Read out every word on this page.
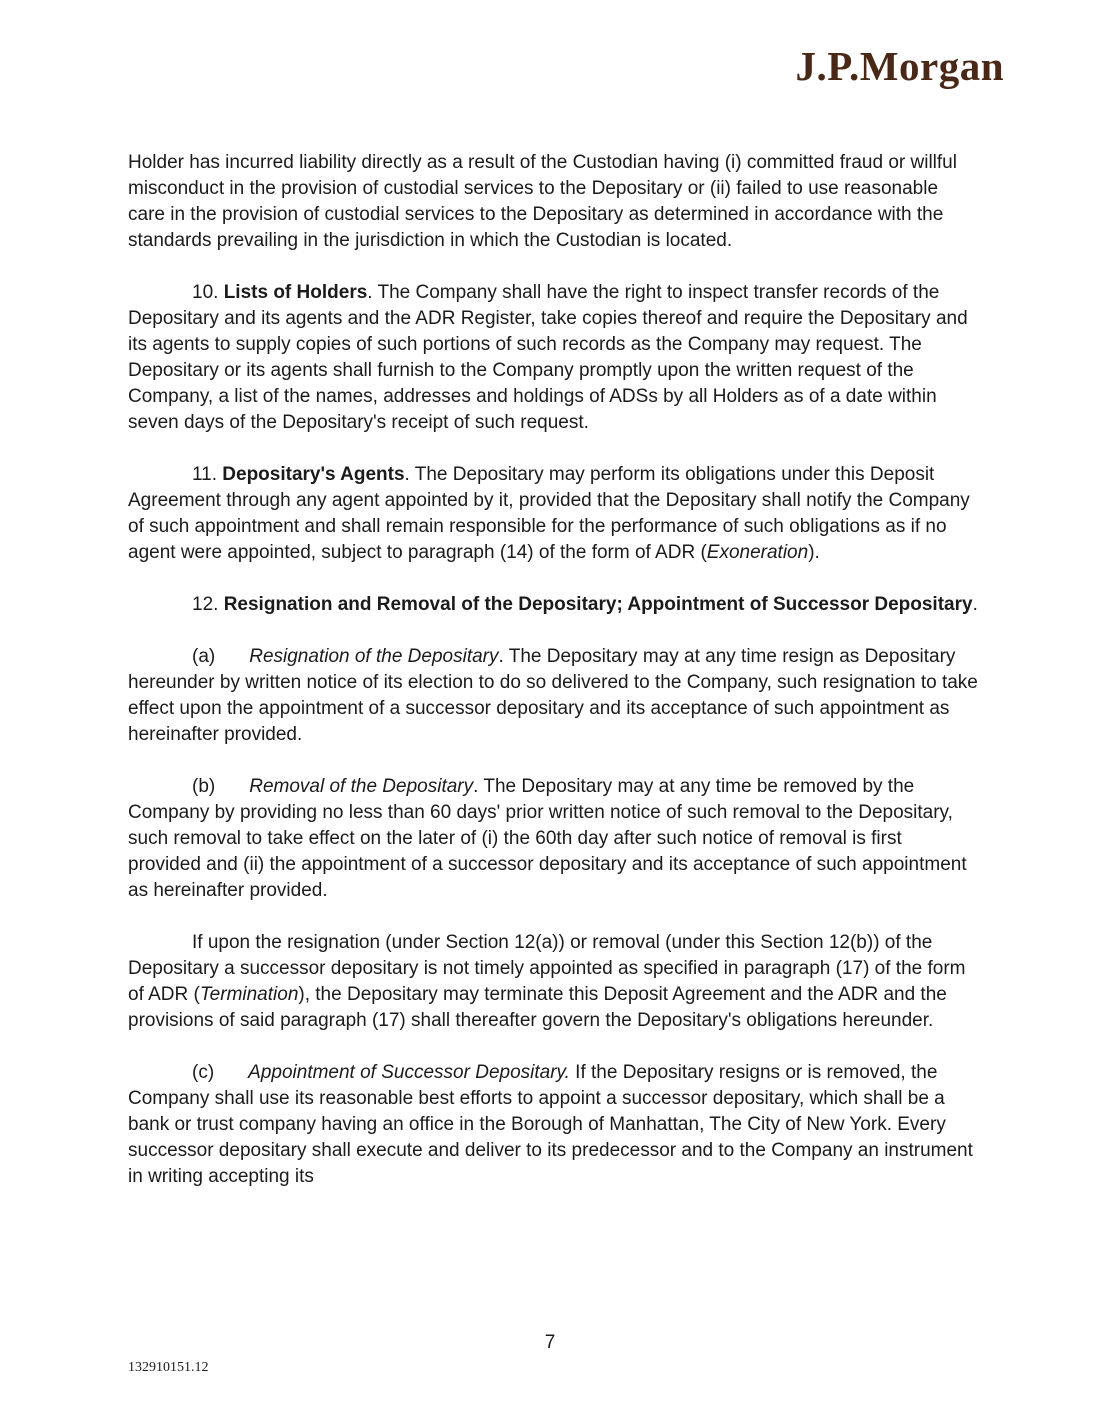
J.P.Morgan

Holder has incurred liability directly as a result of the Custodian having (i) committed fraud or willful misconduct in the provision of custodial services to the Depositary or (ii) failed to use reasonable care in the provision of custodial services to the Depositary as determined in accordance with the standards prevailing in the jurisdiction in which the Custodian is located.

10. Lists of Holders. The Company shall have the right to inspect transfer records of the Depositary and its agents and the ADR Register, take copies thereof and require the Depositary and its agents to supply copies of such portions of such records as the Company may request. The Depositary or its agents shall furnish to the Company promptly upon the written request of the Company, a list of the names, addresses and holdings of ADSs by all Holders as of a date within seven days of the Depositary's receipt of such request.

11. Depositary's Agents. The Depositary may perform its obligations under this Deposit Agreement through any agent appointed by it, provided that the Depositary shall notify the Company of such appointment and shall remain responsible for the performance of such obligations as if no agent were appointed, subject to paragraph (14) of the form of ADR (Exoneration).

12. Resignation and Removal of the Depositary; Appointment of Successor Depositary.

(a) Resignation of the Depositary. The Depositary may at any time resign as Depositary hereunder by written notice of its election to do so delivered to the Company, such resignation to take effect upon the appointment of a successor depositary and its acceptance of such appointment as hereinafter provided.

(b) Removal of the Depositary. The Depositary may at any time be removed by the Company by providing no less than 60 days' prior written notice of such removal to the Depositary, such removal to take effect on the later of (i) the 60th day after such notice of removal is first provided and (ii) the appointment of a successor depositary and its acceptance of such appointment as hereinafter provided.

If upon the resignation (under Section 12(a)) or removal (under this Section 12(b)) of the Depositary a successor depositary is not timely appointed as specified in paragraph (17) of the form of ADR (Termination), the Depositary may terminate this Deposit Agreement and the ADR and the provisions of said paragraph (17) shall thereafter govern the Depositary's obligations hereunder.

(c) Appointment of Successor Depositary. If the Depositary resigns or is removed, the Company shall use its reasonable best efforts to appoint a successor depositary, which shall be a bank or trust company having an office in the Borough of Manhattan, The City of New York. Every successor depositary shall execute and deliver to its predecessor and to the Company an instrument in writing accepting its

7
132910151.12
